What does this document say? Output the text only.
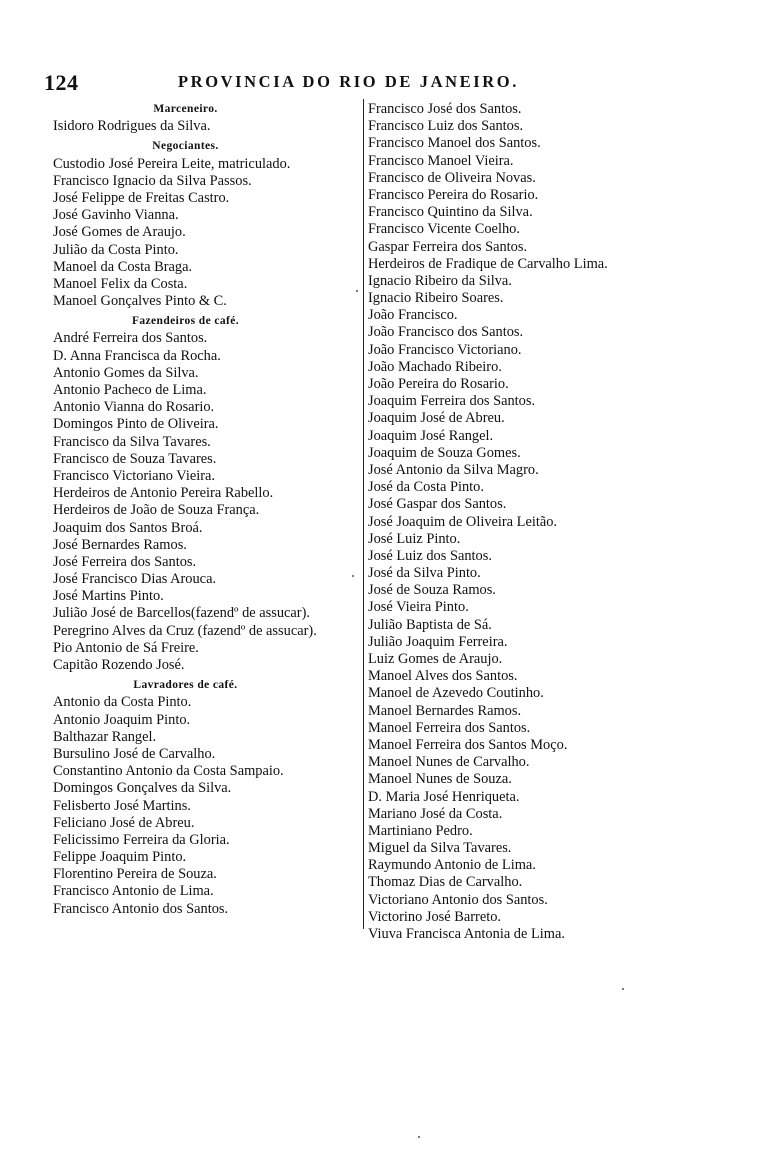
124	PROVINCIA DO RIO DE JANEIRO.
Marceneiro.
Isidoro Rodrigues da Silva.
Negociantes.
Custodio José Pereira Leite, matriculado.
Francisco Ignacio da Silva Passos.
José Felippe de Freitas Castro.
José Gavinho Vianna.
José Gomes de Araujo.
Julião da Costa Pinto.
Manoel da Costa Braga.
Manoel Felix da Costa.
Manoel Gonçalves Pinto & C.
Fazendeiros de café.
André Ferreira dos Santos.
D. Anna Francisca da Rocha.
Antonio Gomes da Silva.
Antonio Pacheco de Lima.
Antonio Vianna do Rosario.
Domingos Pinto de Oliveira.
Francisco da Silva Tavares.
Francisco de Souza Tavares.
Francisco Victoriano Vieira.
Herdeiros de Antonio Pereira Rabello.
Herdeiros de João de Souza França.
Joaquim dos Santos Broá.
José Bernardes Ramos.
José Ferreira dos Santos.
José Francisco Dias Arouca.
José Martins Pinto.
Julião José de Barcellos(fazendº de assucar).
Peregrino Alves da Cruz (fazendº de assucar).
Pio Antonio de Sá Freire.
Capitão Rozendo José.
Lavradores de café.
Antonio da Costa Pinto.
Antonio Joaquim Pinto.
Balthazar Rangel.
Bursulino José de Carvalho.
Constantino Antonio da Costa Sampaio.
Domingos Gonçalves da Silva.
Felisberto José Martins.
Feliciano José de Abreu.
Felicissimo Ferreira da Gloria.
Felippe Joaquim Pinto.
Florentino Pereira de Souza.
Francisco Antonio de Lima.
Francisco Antonio dos Santos.
Francisco José dos Santos.
Francisco Luiz dos Santos.
Francisco Manoel dos Santos.
Francisco Manoel Vieira.
Francisco de Oliveira Novas.
Francisco Pereira do Rosario.
Francisco Quintino da Silva.
Francisco Vicente Coelho.
Gaspar Ferreira dos Santos.
Herdeiros de Fradique de Carvalho Lima.
Ignacio Ribeiro da Silva.
Ignacio Ribeiro Soares.
João Francisco.
João Francisco dos Santos.
João Francisco Victoriano.
João Machado Ribeiro.
João Pereira do Rosario.
Joaquim Ferreira dos Santos.
Joaquim José de Abreu.
Joaquim José Rangel.
Joaquim de Souza Gomes.
José Antonio da Silva Magro.
José da Costa Pinto.
José Gaspar dos Santos.
José Joaquim de Oliveira Leitão.
José Luiz Pinto.
José Luiz dos Santos.
José da Silva Pinto.
José de Souza Ramos.
José Vieira Pinto.
Julião Baptista de Sá.
Julião Joaquim Ferreira.
Luiz Gomes de Araujo.
Manoel Alves dos Santos.
Manoel de Azevedo Coutinho.
Manoel Bernardes Ramos.
Manoel Ferreira dos Santos.
Manoel Ferreira dos Santos Moço.
Manoel Nunes de Carvalho.
Manoel Nunes de Souza.
D. Maria José Henriqueta.
Mariano José da Costa.
Martiniano Pedro.
Miguel da Silva Tavares.
Raymundo Antonio de Lima.
Thomaz Dias de Carvalho.
Victoriano Antonio dos Santos.
Victorino José Barreto.
Viuva Francisca Antonia de Lima.
